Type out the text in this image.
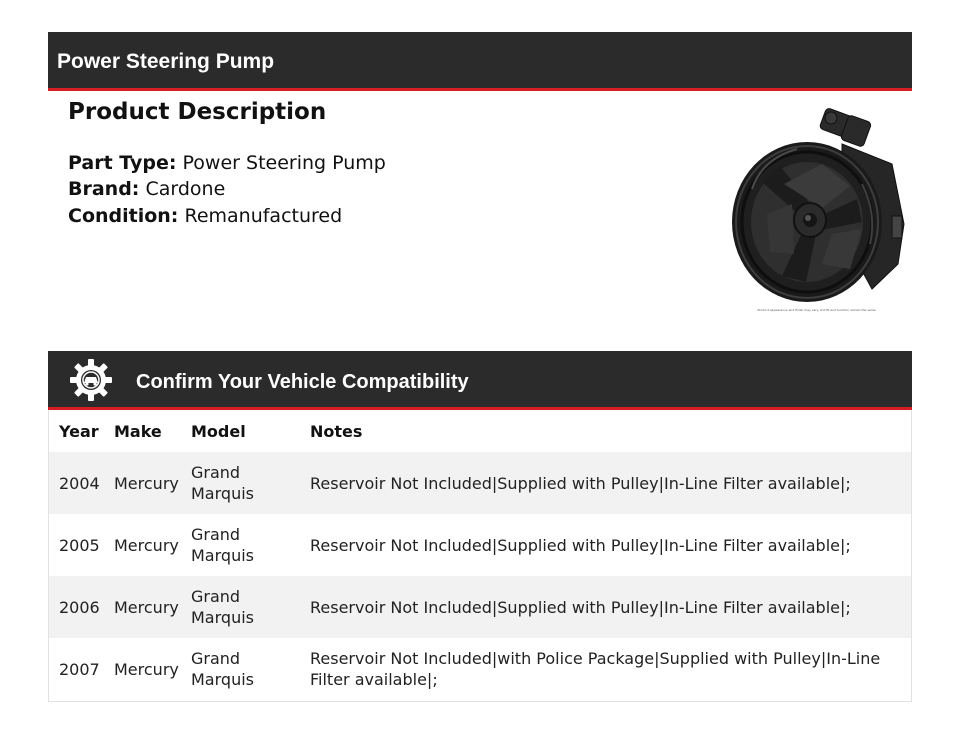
Power Steering Pump
Product Description
Part Type: Power Steering Pump
Brand: Cardone
Condition: Remanufactured
Product appearance and finish may vary, but fit and function remain the same.
Confirm Your Vehicle Compatibility
Year	Make	Model	Notes
2004	Mercury	Grand Marquis	Reservoir Not Included|Supplied with Pulley|In-Line Filter available|;
2005	Mercury	Grand Marquis	Reservoir Not Included|Supplied with Pulley|In-Line Filter available|;
2006	Mercury	Grand Marquis	Reservoir Not Included|Supplied with Pulley|In-Line Filter available|;
2007	Mercury	Grand Marquis	Reservoir Not Included|with Police Package|Supplied with Pulley|In-Line Filter available|;
